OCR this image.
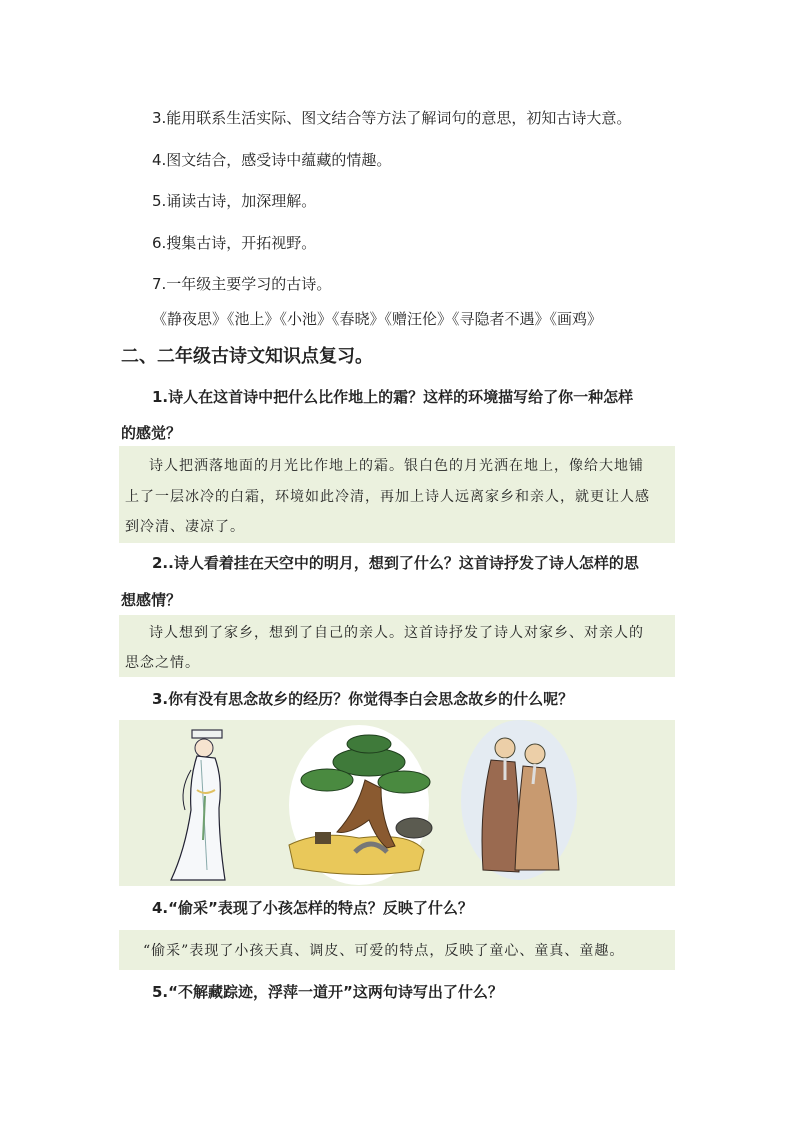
3.能用联系生活实际、图文结合等方法了解词句的意思，初知古诗大意。
4.图文结合，感受诗中蕴藏的情趣。
5.诵读古诗，加深理解。
6.搜集古诗，开拓视野。
7.一年级主要学习的古诗。
《静夜思》《池上》《小池》《春晓》《赠汪伦》《寻隐者不遇》《画鸡》
二、二年级古诗文知识点复习。
1.诗人在这首诗中把什么比作地上的霜？这样的环境描写给了你一种怎样
的感觉？
诗人把洒落地面的月光比作地上的霜。银白色的月光洒在地上，像给大地铺
上了一层冰冷的白霜，环境如此冷清，再加上诗人远离家乡和亲人，就更让人感
到冷清、凄凉了。
2..诗人看着挂在天空中的明月，想到了什么？这首诗抒发了诗人怎样的思
想感情？
诗人想到了家乡，想到了自己的亲人。这首诗抒发了诗人对家乡、对亲人的
思念之情。
3.你有没有思念故乡的经历？你觉得李白会思念故乡的什么呢？
4.“偷采”表现了小孩怎样的特点？反映了什么？
“偷采”表现了小孩天真、调皮、可爱的特点，反映了童心、童真、童趣。
5.“不解藏踪迹，浮萍一道开”这两句诗写出了什么？
